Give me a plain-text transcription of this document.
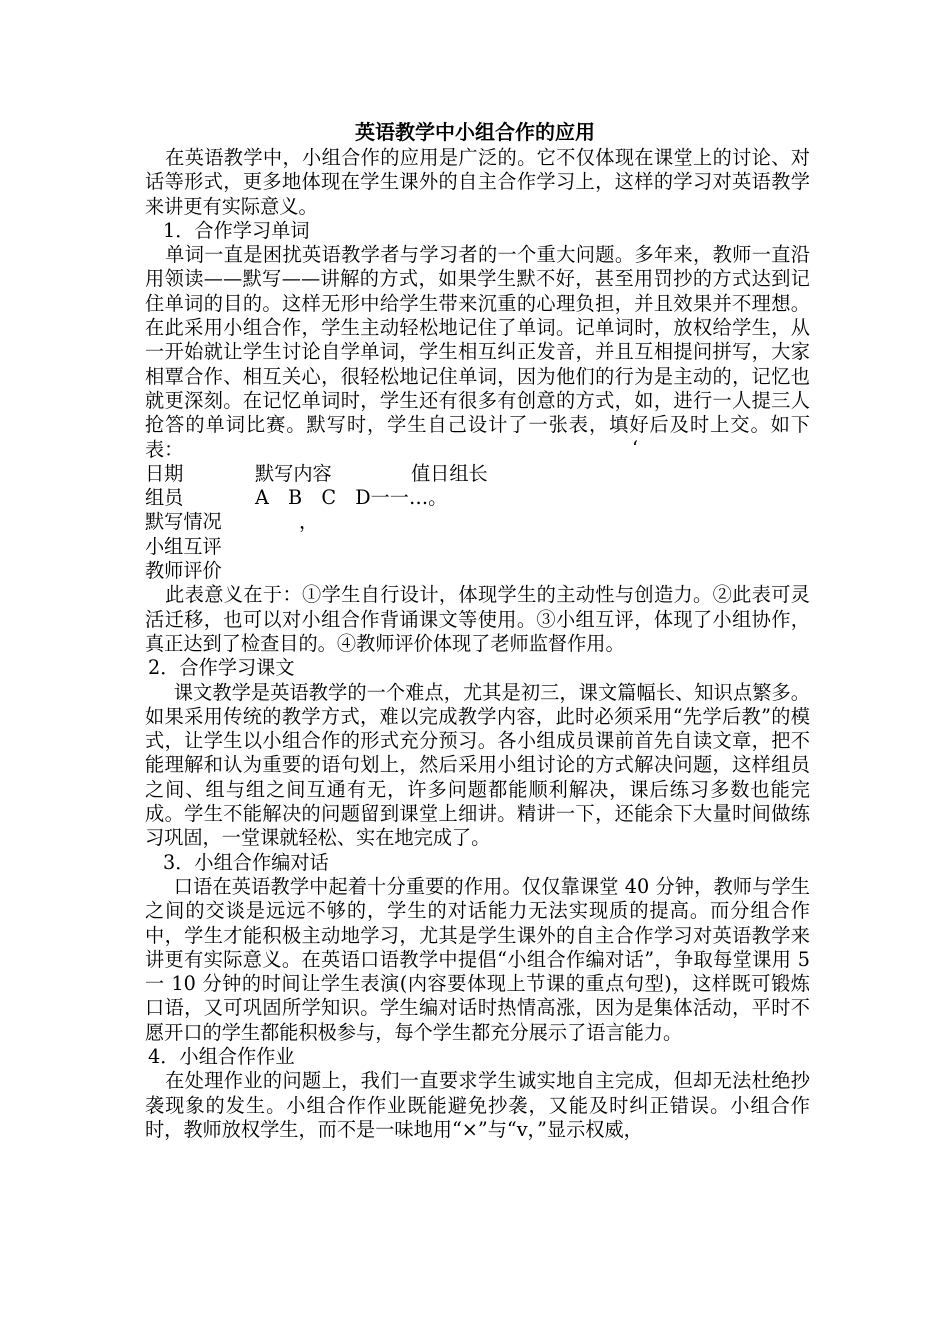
英语教学中小组合作的应用

在英语教学中，小组合作的应用是广泛的。它不仅体现在课堂上的讨论、对话等形式，更多地体现在学生课外的自主合作学习上，这样的学习对英语教学来讲更有实际意义。

1．合作学习单词

单词一直是困扰英语教学者与学习者的一个重大问题。多年来，教师一直沿用领读——默写——讲解的方式，如果学生默不好，甚至用罚抄的方式达到记住单词的目的。这样无形中给学生带来沉重的心理负担，并且效果并不理想。在此采用小组合作，学生主动轻松地记住了单词。记单词时，放权给学生，从一开始就让学生讨论自学单词，学生相互纠正发音，并且互相提问拼写，大家相覃合作、相互关心，很轻松地记住单词，因为他们的行为是主动的，记忆也就更深刻。在记忆单词时，学生还有很多有创意的方式，如，进行一人提三人抢答的单词比赛。默写时，学生自己设计了一张表，填好后及时上交。如下表：	‘
日期	默写内容	值日组长
组员	A　B　C　D一一…。
默写情况	，
小组互评
教师评价

此表意义在于：①学生自行设计，体现学生的主动性与创造力。②此表可灵活迁移，也可以对小组合作背诵课文等使用。③小组互评，体现了小组协作，真正达到了检查目的。④教师评价体现了老师监督作用。

2．合作学习课文

课文教学是英语教学的一个难点，尤其是初三，课文篇幅长、知识点繁多。如果采用传统的教学方式，难以完成教学内容，此时必须采用“先学后教”的模式，让学生以小组合作的形式充分预习。各小组成员课前首先自读文章，把不能理解和认为重要的语句划上，然后采用小组讨论的方式解决问题，这样组员之间、组与组之间互通有无，许多问题都能顺利解决，课后练习多数也能完成。学生不能解决的问题留到课堂上细讲。精讲一下，还能余下大量时间做练习巩固，一堂课就轻松、实在地完成了。

3．小组合作编对话

口语在英语教学中起着十分重要的作用。仅仅靠课堂 40 分钟，教师与学生之间的交谈是远远不够的，学生的对话能力无法实现质的提高。而分组合作中，学生才能积极主动地学习，尤其是学生课外的自主合作学习对英语教学来讲更有实际意义。在英语口语教学中提倡“小组合作编对话”，争取每堂课用 5 一 10 分钟的时间让学生表演(内容要体现上节课的重点句型)，这样既可锻炼口语，又可巩固所学知识。学生编对话时热情高涨，因为是集体活动，平时不愿开口的学生都能积极参与，每个学生都充分展示了语言能力。

4．小组合作作业

在处理作业的问题上，我们一直要求学生诚实地自主完成，但却无法杜绝抄袭现象的发生。小组合作作业既能避免抄袭，又能及时纠正错误。小组合作时，教师放权学生，而不是一味地用“×”与“v，”显示权威，
